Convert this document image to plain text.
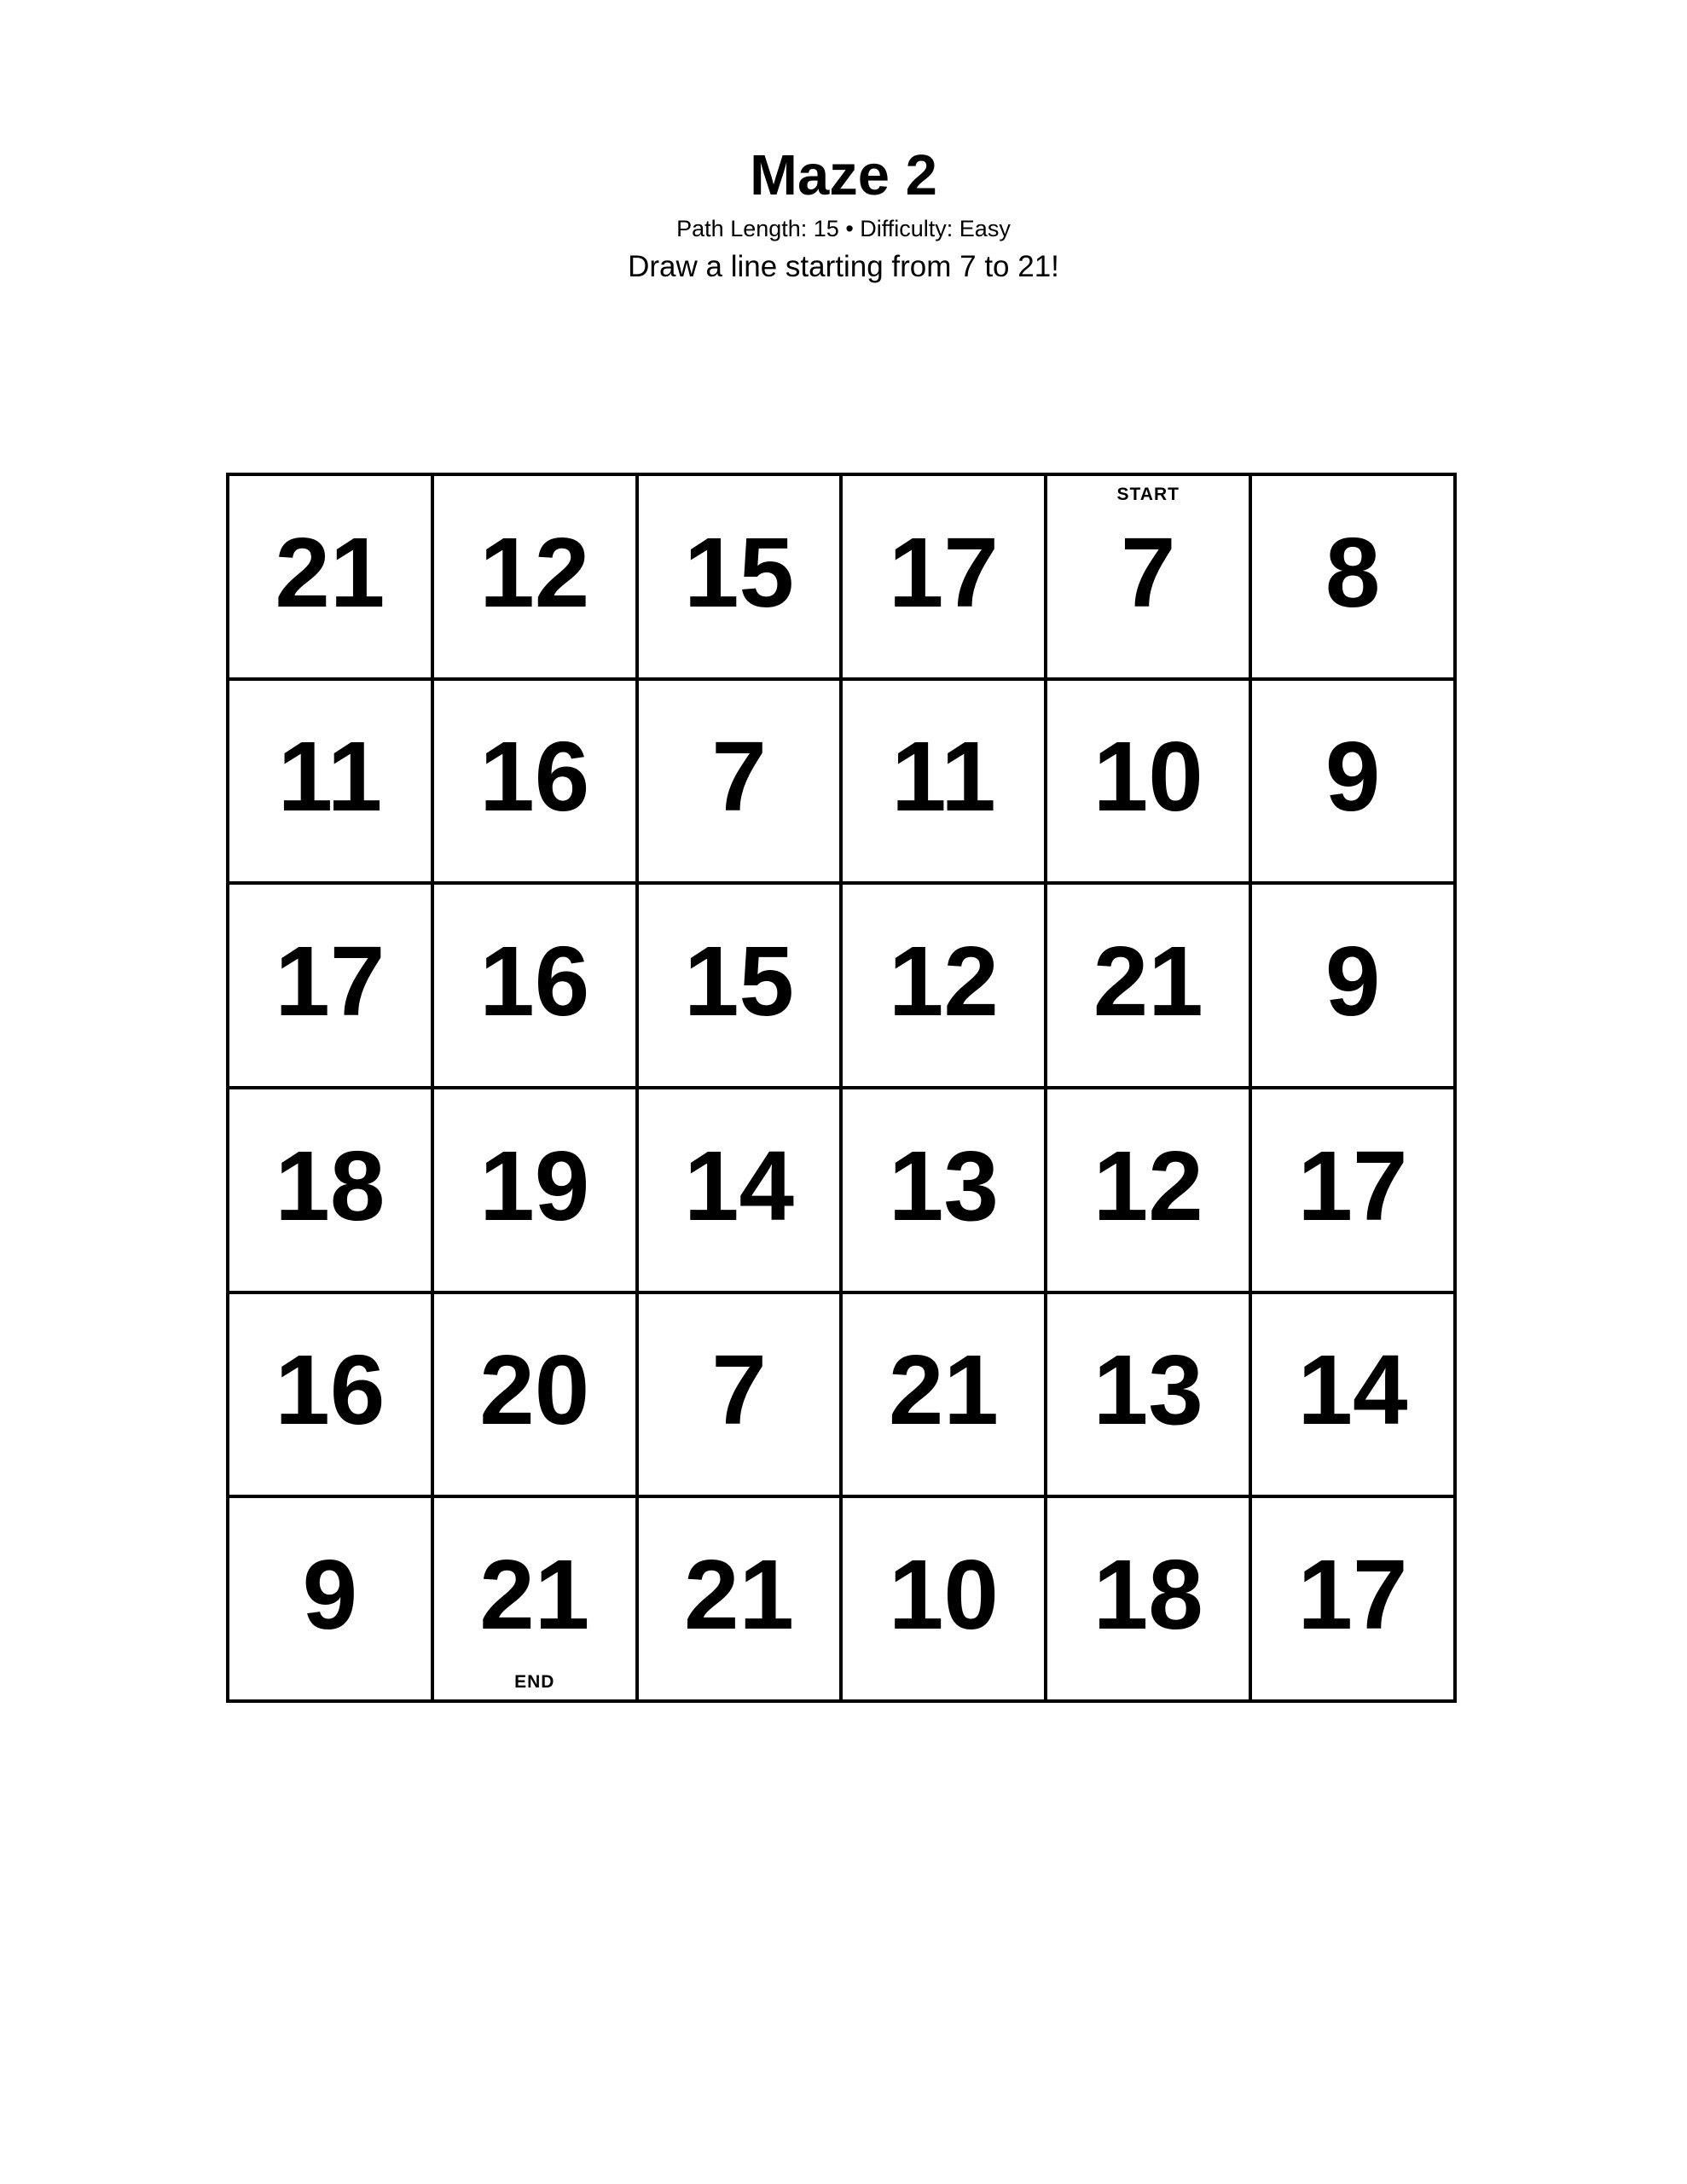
Maze 2
Path Length: 15 • Difficulty: Easy
Draw a line starting from 7 to 21!
21 12 15 17
START
7 8
11 16 7 11 10 9
17 16 15 12 21 9
18 19 14 13 12 17
16 20 7 21 13 14
9
END
21 21 10 18 17
